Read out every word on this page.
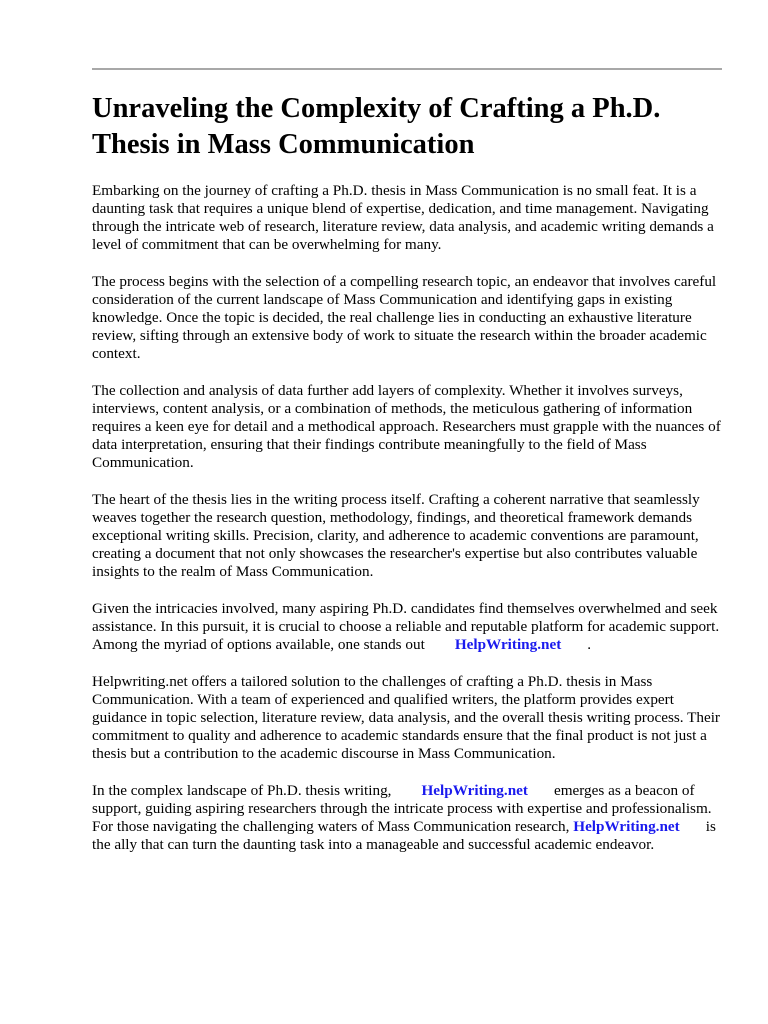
Unraveling the Complexity of Crafting a Ph.D. Thesis in Mass Communication

Embarking on the journey of crafting a Ph.D. thesis in Mass Communication is no small feat. It is a daunting task that requires a unique blend of expertise, dedication, and time management. Navigating through the intricate web of research, literature review, data analysis, and academic writing demands a level of commitment that can be overwhelming for many.

The process begins with the selection of a compelling research topic, an endeavor that involves careful consideration of the current landscape of Mass Communication and identifying gaps in existing knowledge. Once the topic is decided, the real challenge lies in conducting an exhaustive literature review, sifting through an extensive body of work to situate the research within the broader academic context.

The collection and analysis of data further add layers of complexity. Whether it involves surveys, interviews, content analysis, or a combination of methods, the meticulous gathering of information requires a keen eye for detail and a methodical approach. Researchers must grapple with the nuances of data interpretation, ensuring that their findings contribute meaningfully to the field of Mass Communication.

The heart of the thesis lies in the writing process itself. Crafting a coherent narrative that seamlessly weaves together the research question, methodology, findings, and theoretical framework demands exceptional writing skills. Precision, clarity, and adherence to academic conventions are paramount, creating a document that not only showcases the researcher's expertise but also contributes valuable insights to the realm of Mass Communication.

Given the intricacies involved, many aspiring Ph.D. candidates find themselves overwhelmed and seek assistance. In this pursuit, it is crucial to choose a reliable and reputable platform for academic support. Among the myriad of options available, one stands out HelpWriting.net .

Helpwriting.net offers a tailored solution to the challenges of crafting a Ph.D. thesis in Mass Communication. With a team of experienced and qualified writers, the platform provides expert guidance in topic selection, literature review, data analysis, and the overall thesis writing process. Their commitment to quality and adherence to academic standards ensure that the final product is not just a thesis but a contribution to the academic discourse in Mass Communication.

In the complex landscape of Ph.D. thesis writing, HelpWriting.net emerges as a beacon of support, guiding aspiring researchers through the intricate process with expertise and professionalism. For those navigating the challenging waters of Mass Communication research, HelpWriting.net is the ally that can turn the daunting task into a manageable and successful academic endeavor.
